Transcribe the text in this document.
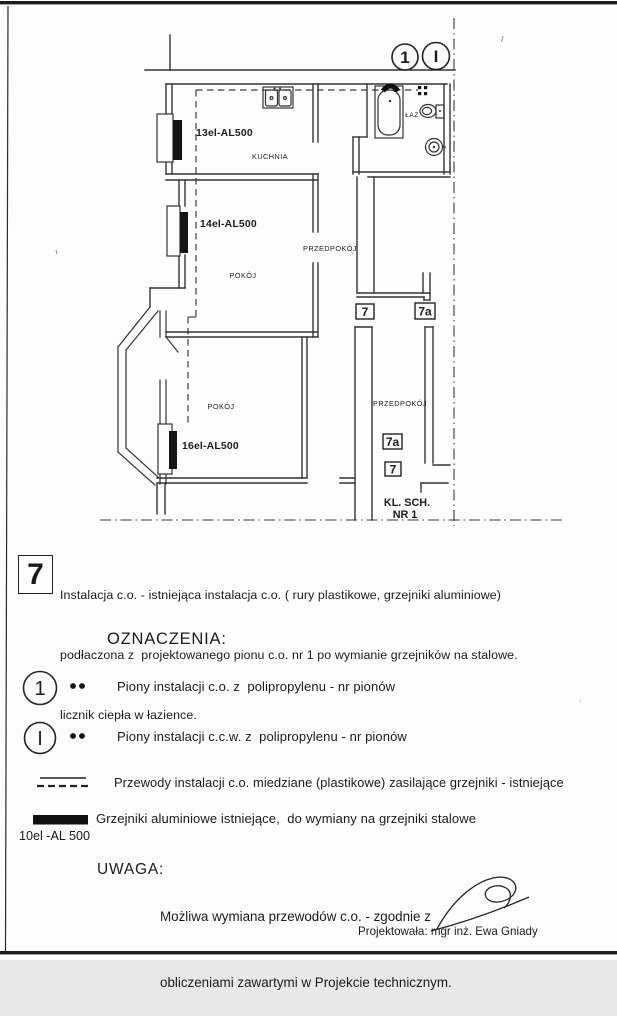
1 I
7	7a
7a
7
13el-AL500
14el-AL500
16el-AL500
KUCHNIA
PRZEDPOKÓJ
POKÓJ
POKÓJ	PRZEDPOKÓJ
ŁAZ
KL. SCH.
NR 1
1
I
7

Instalacja c.o. - istniejąca instalacja c.o. ( rury plastikowe, grzejniki aluminiowe)

podłaczona z  projektowanego pionu c.o. nr 1 po wymianie grzejników na stalowe.

licznik ciepła w łazience.

OZNACZENIA:
Piony instalacji c.o. z  polipropylenu - nr pionów
Piony instalacji c.c.w. z  polipropylenu - nr pionów
Przewody instalacji c.o. miedziane (plastikowe) zasilające grzejniki - istniejące
Grzejniki aluminiowe istniejące,  do wymiany na grzejniki stalowe
10el -AL 500
UWAGA:

Możliwa wymiana przewodów c.o. - zgodnie z

obliczeniami zawartymi w Projekcie technicznym.

Projektowała: mgr inż. Ewa Gniady
